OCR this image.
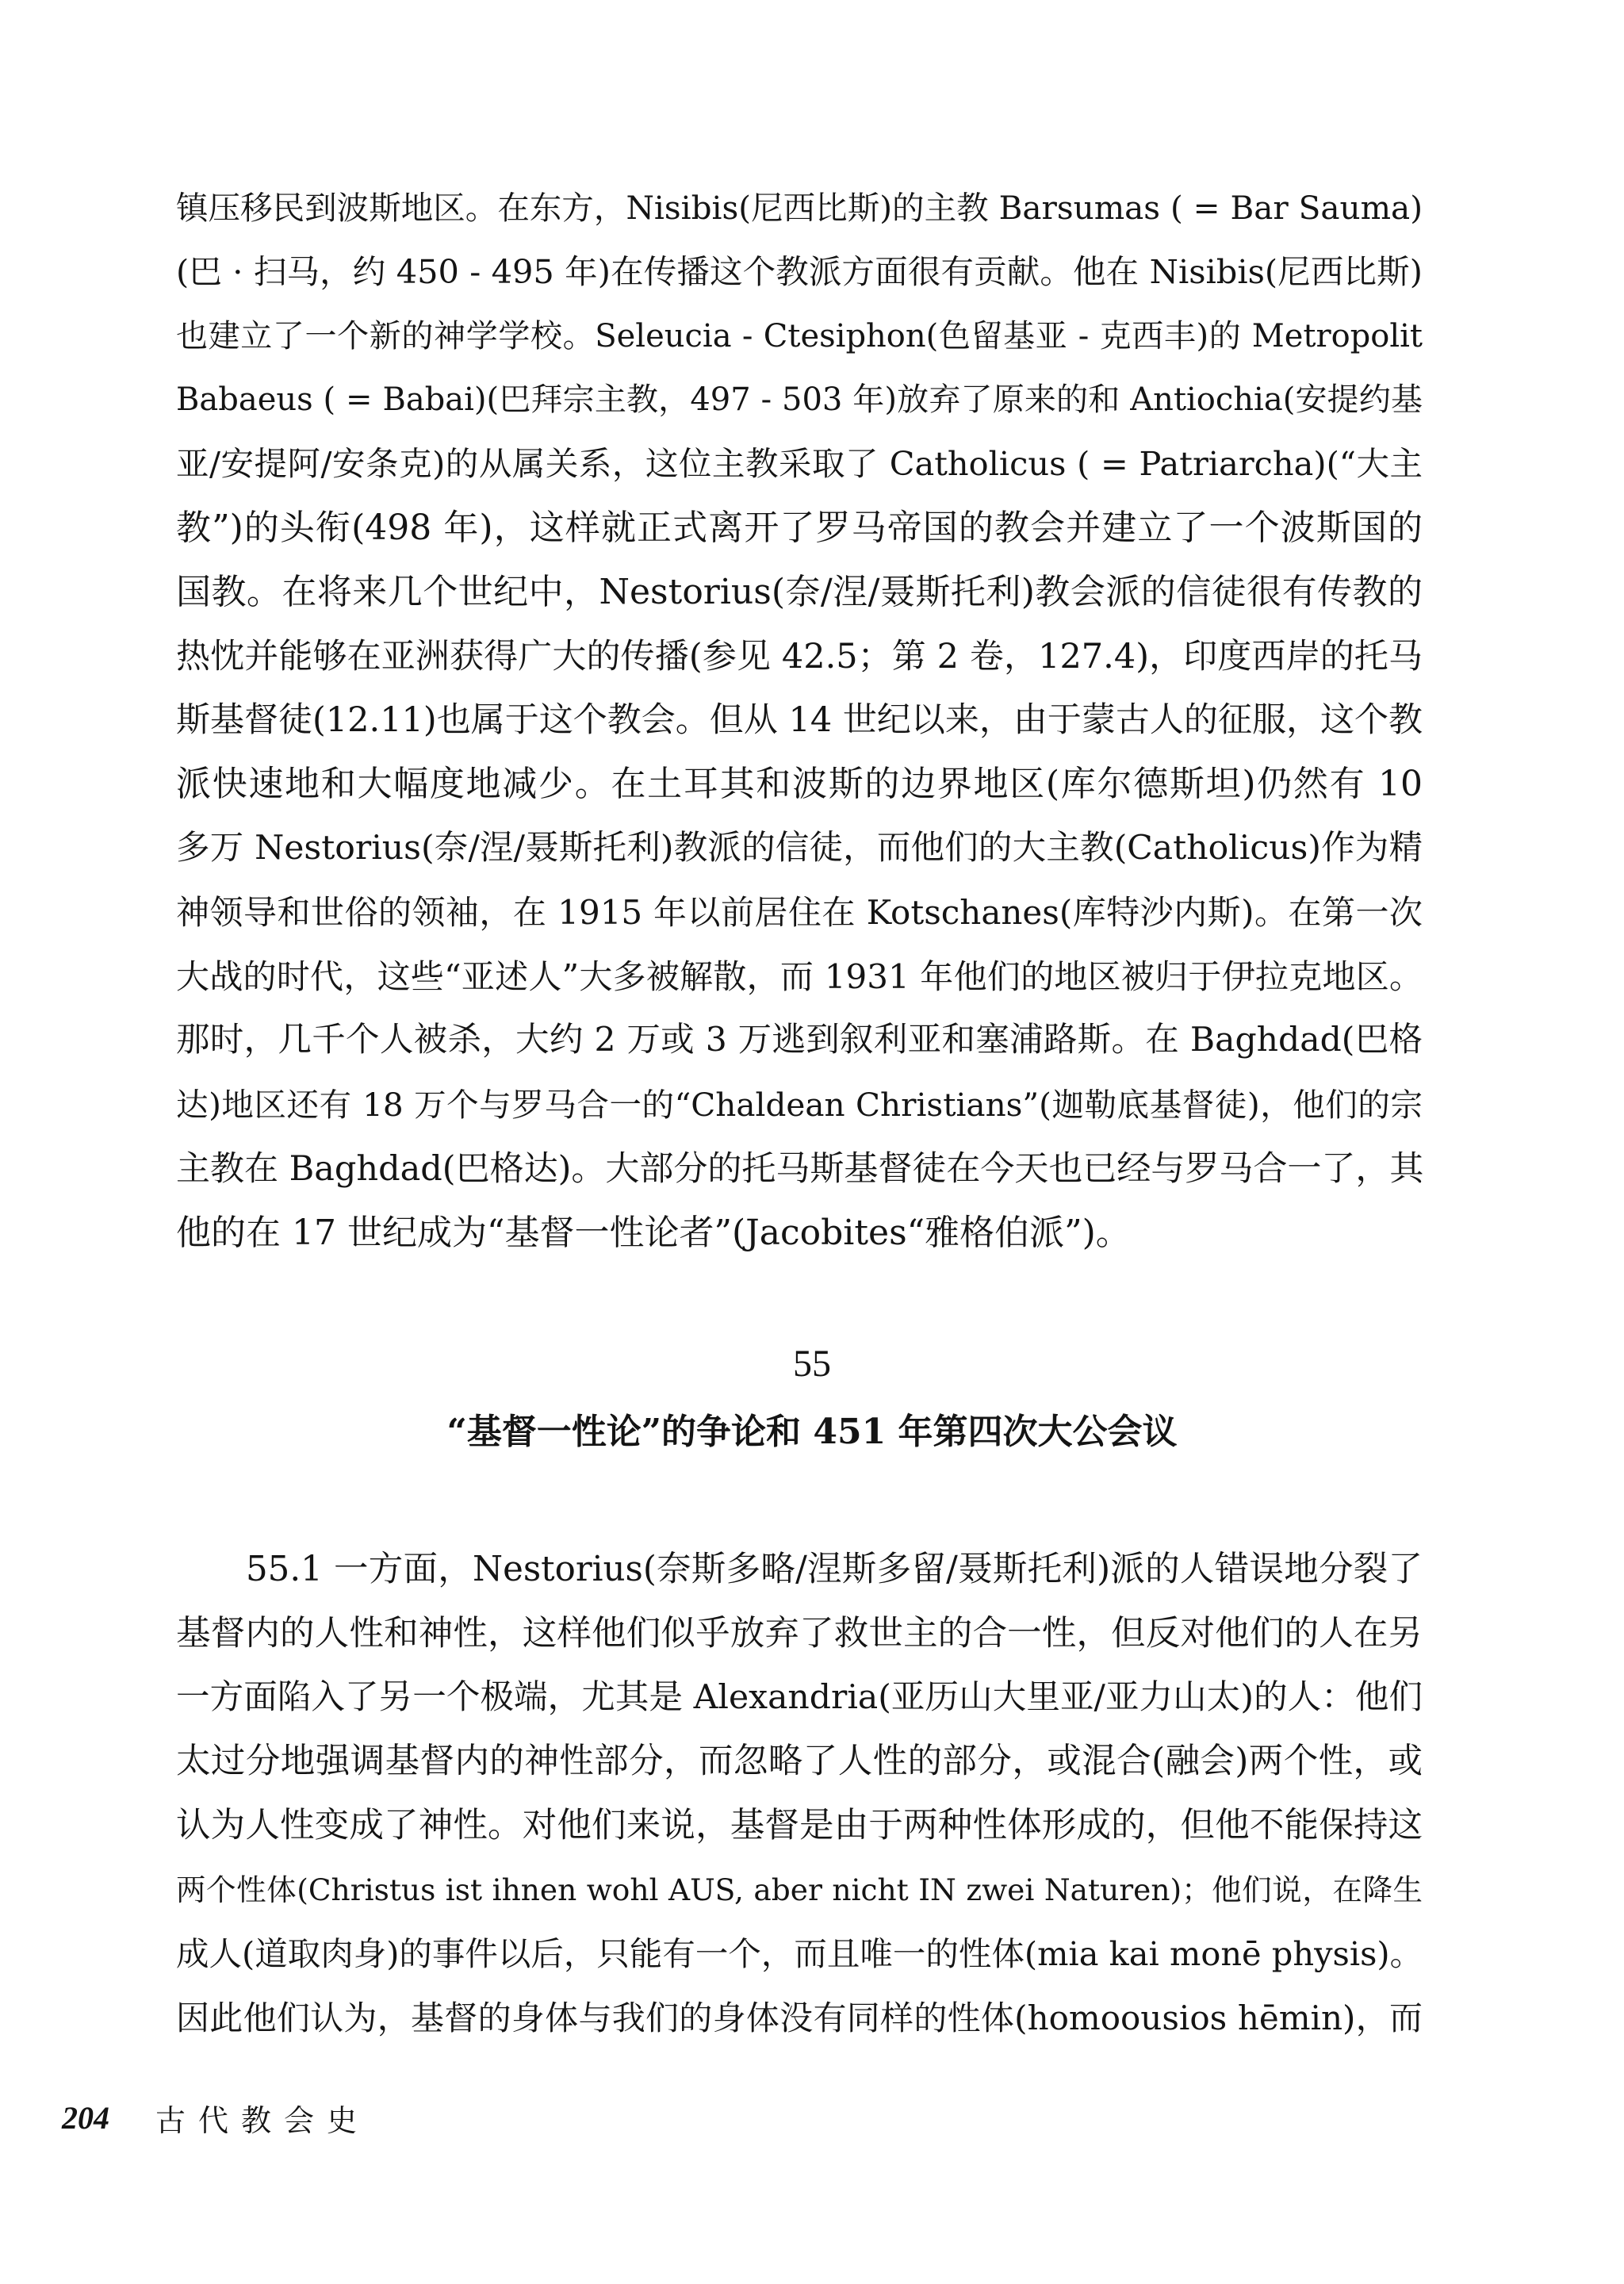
镇压移民到波斯地区。在东方，Nisibis(尼西比斯)的主教 Barsumas ( = Bar Sauma)
(巴 · 扫马，约 450 - 495 年)在传播这个教派方面很有贡献。他在 Nisibis(尼西比斯)
也建立了一个新的神学学校。Seleucia - Ctesiphon(色留基亚 - 克西丰)的 Metropolit
Babaeus ( = Babai)(巴拜宗主教，497 - 503 年)放弃了原来的和 Antiochia(安提约基
亚/安提阿/安条克)的从属关系，这位主教采取了 Catholicus ( = Patriarcha)(“大主
教”)的头衔(498 年)，这样就正式离开了罗马帝国的教会并建立了一个波斯国的
国教。在将来几个世纪中，Nestorius(奈/涅/聂斯托利)教会派的信徒很有传教的
热忱并能够在亚洲获得广大的传播(参见 42.5；第 2 卷，127.4)，印度西岸的托马
斯基督徒(12.11)也属于这个教会。但从 14 世纪以来，由于蒙古人的征服，这个教
派快速地和大幅度地减少。在土耳其和波斯的边界地区(库尔德斯坦)仍然有 10
多万 Nestorius(奈/涅/聂斯托利)教派的信徒，而他们的大主教(Catholicus)作为精
神领导和世俗的领袖，在 1915 年以前居住在 Kotschanes(库特沙内斯)。在第一次
大战的时代，这些“亚述人”大多被解散，而 1931 年他们的地区被归于伊拉克地区。
那时，几千个人被杀，大约 2 万或 3 万逃到叙利亚和塞浦路斯。在 Baghdad(巴格
达)地区还有 18 万个与罗马合一的“Chaldean Christians”(迦勒底基督徒)，他们的宗
主教在 Baghdad(巴格达)。大部分的托马斯基督徒在今天也已经与罗马合一了，其
他的在 17 世纪成为“基督一性论者”(Jacobites“雅格伯派”)。
55
“基督一性论”的争论和 451 年第四次大公会议
55.1 一方面，Nestorius(奈斯多略/涅斯多留/聂斯托利)派的人错误地分裂了
基督内的人性和神性，这样他们似乎放弃了救世主的合一性，但反对他们的人在另
一方面陷入了另一个极端，尤其是 Alexandria(亚历山大里亚/亚力山太)的人：他们
太过分地强调基督内的神性部分，而忽略了人性的部分，或混合(融会)两个性，或
认为人性变成了神性。对他们来说，基督是由于两种性体形成的，但他不能保持这
两个性体(Christus ist ihnen wohl AUS, aber nicht IN zwei Naturen)；他们说，在降生
成人(道取肉身)的事件以后，只能有一个，而且唯一的性体(mia kai monē physis)。
因此他们认为，基督的身体与我们的身体没有同样的性体(homoousios hēmin)，而
204 古代教会史
